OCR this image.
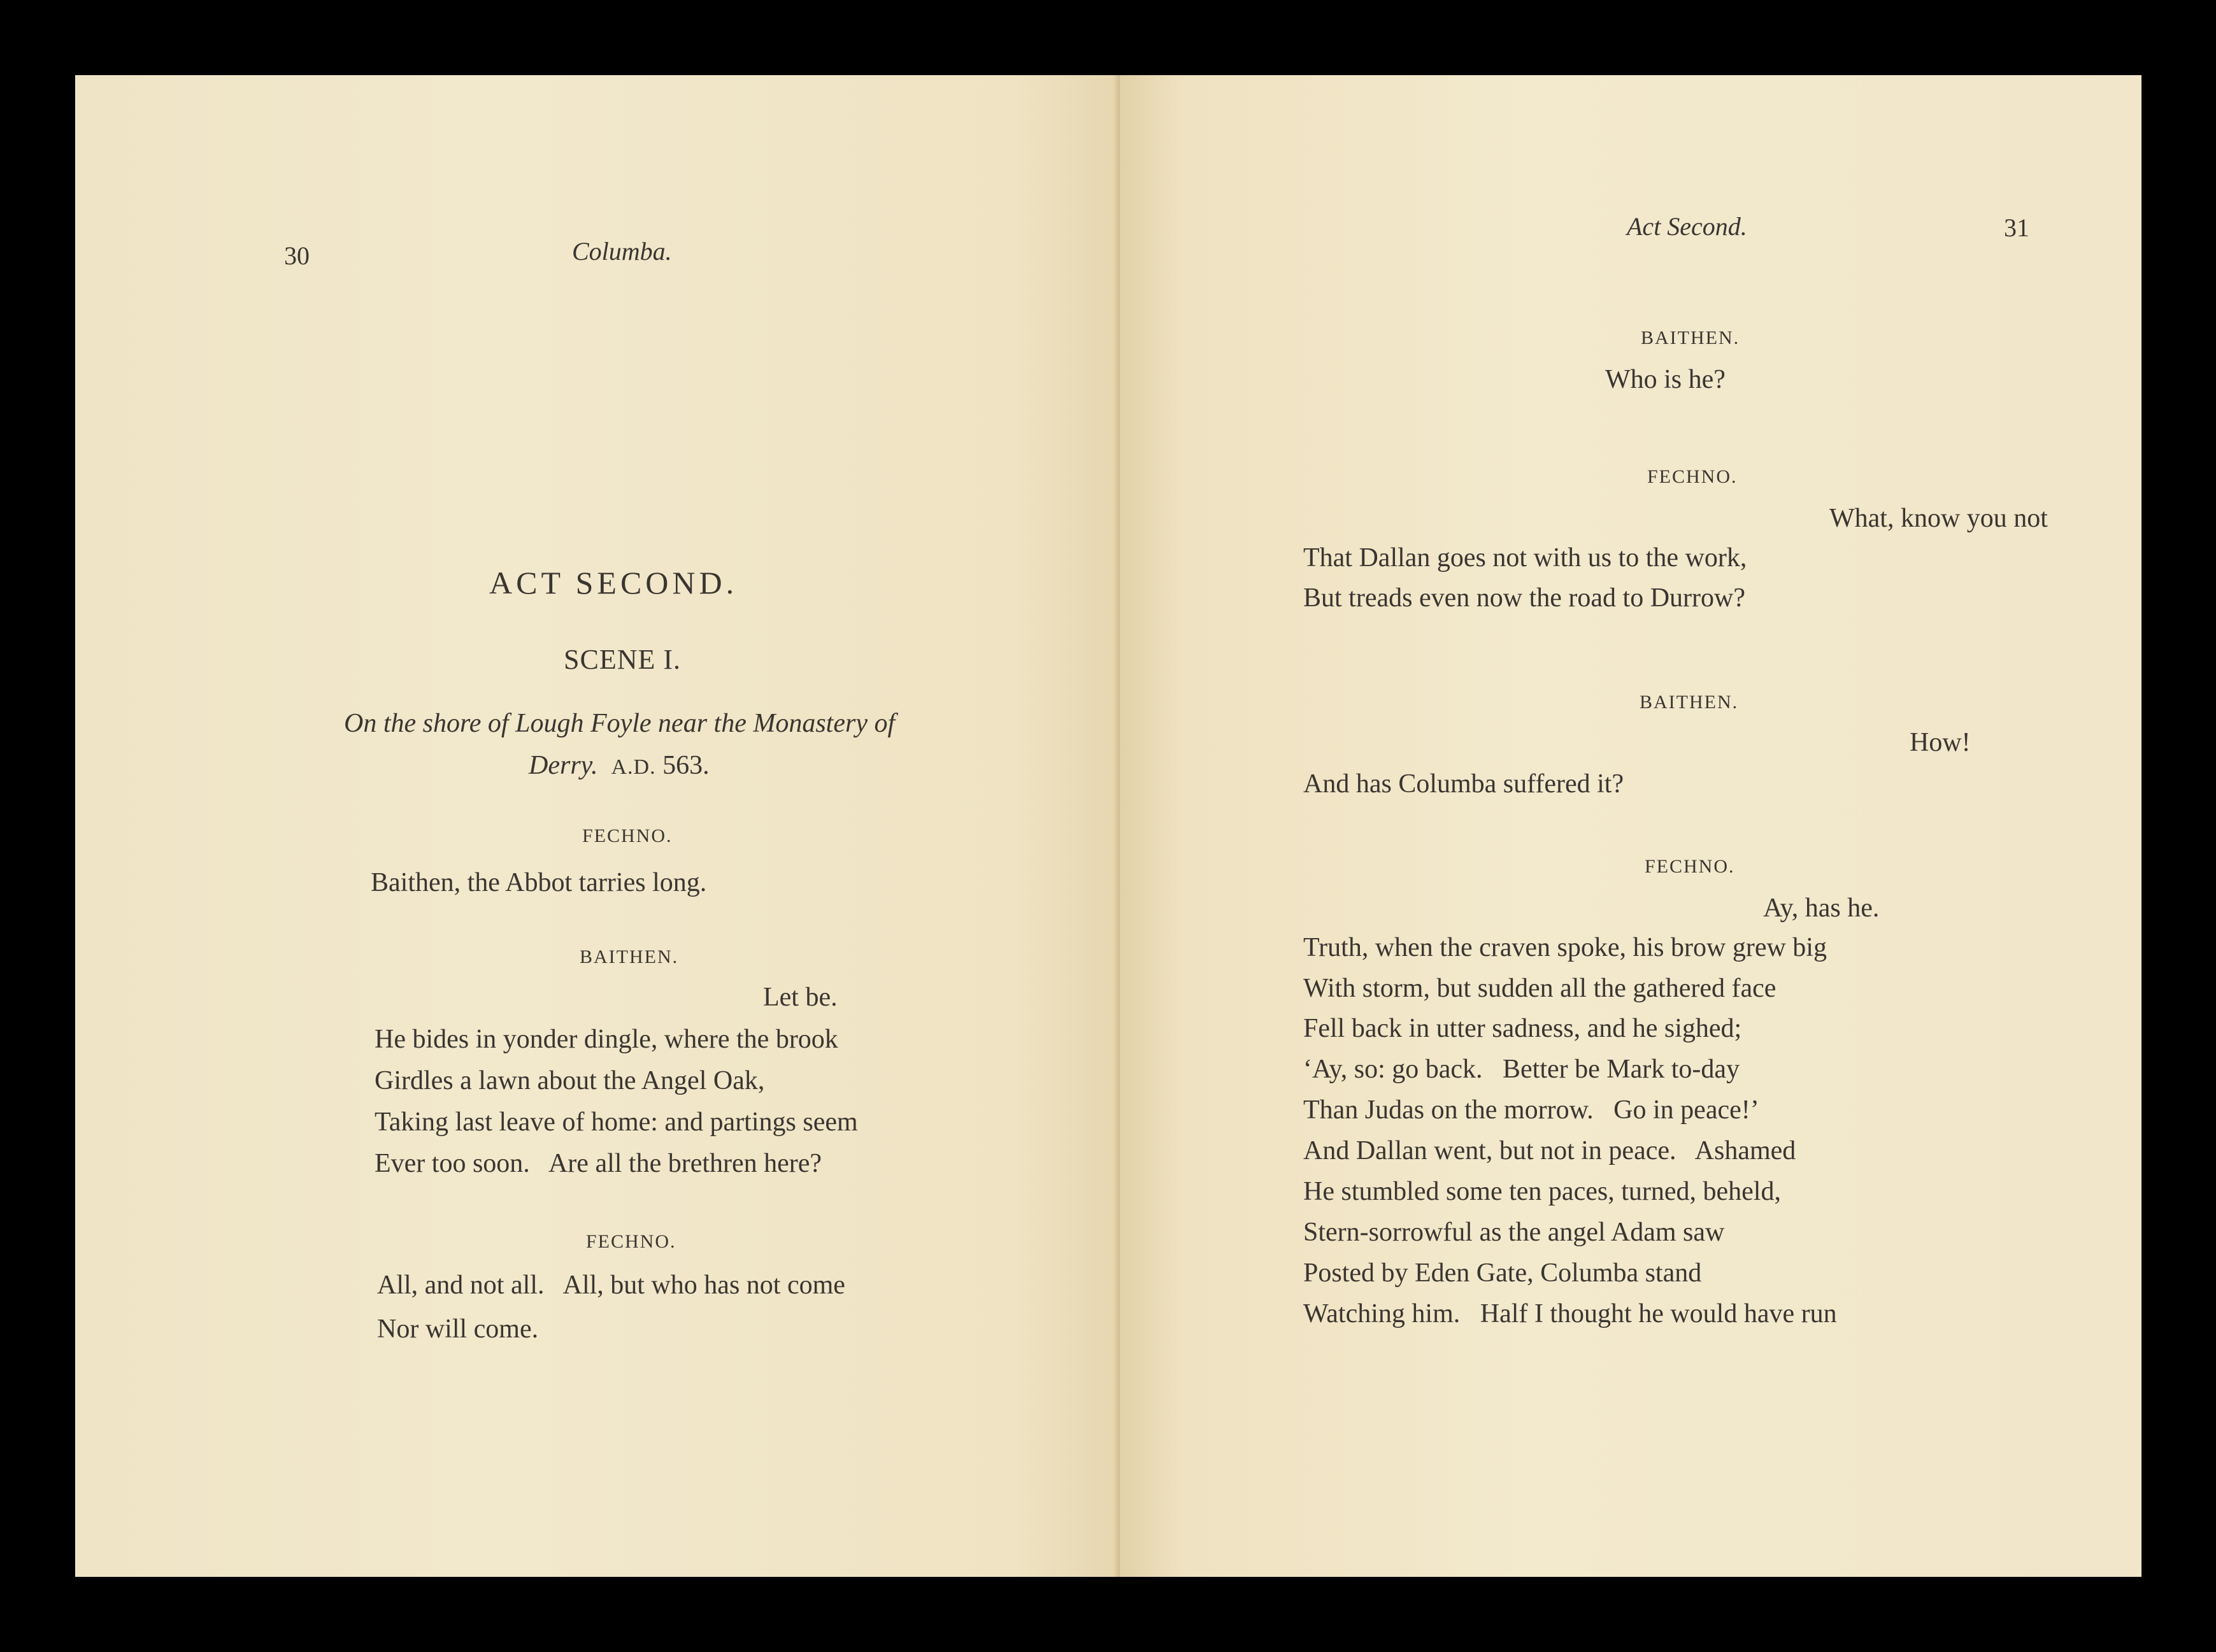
30	Columba.

ACT SECOND.

SCENE I.

On the shore of Lough Foyle near the Monastery of

Derry. A.D. 563.

FECHNO.

Baithen, the Abbot tarries long.

BAITHEN.

Let be.

He bides in yonder dingle, where the brook

Girdles a lawn about the Angel Oak,

Taking last leave of home: and partings seem

Ever too soon.   Are all the brethren here?

FECHNO.

All, and not all.   All, but who has not come

Nor will come.

Act Second.	31

BAITHEN.

Who is he?

FECHNO.

What, know you not

That Dallan goes not with us to the work,

But treads even now the road to Durrow?

BAITHEN.

How!

And has Columba suffered it?

FECHNO.

Ay, has he.

Truth, when the craven spoke, his brow grew big

With storm, but sudden all the gathered face

Fell back in utter sadness, and he sighed;

‘Ay, so: go back.   Better be Mark to-day

Than Judas on the morrow.   Go in peace!’

And Dallan went, but not in peace.   Ashamed

He stumbled some ten paces, turned, beheld,

Stern-sorrowful as the angel Adam saw

Posted by Eden Gate, Columba stand

Watching him.   Half I thought he would have run
